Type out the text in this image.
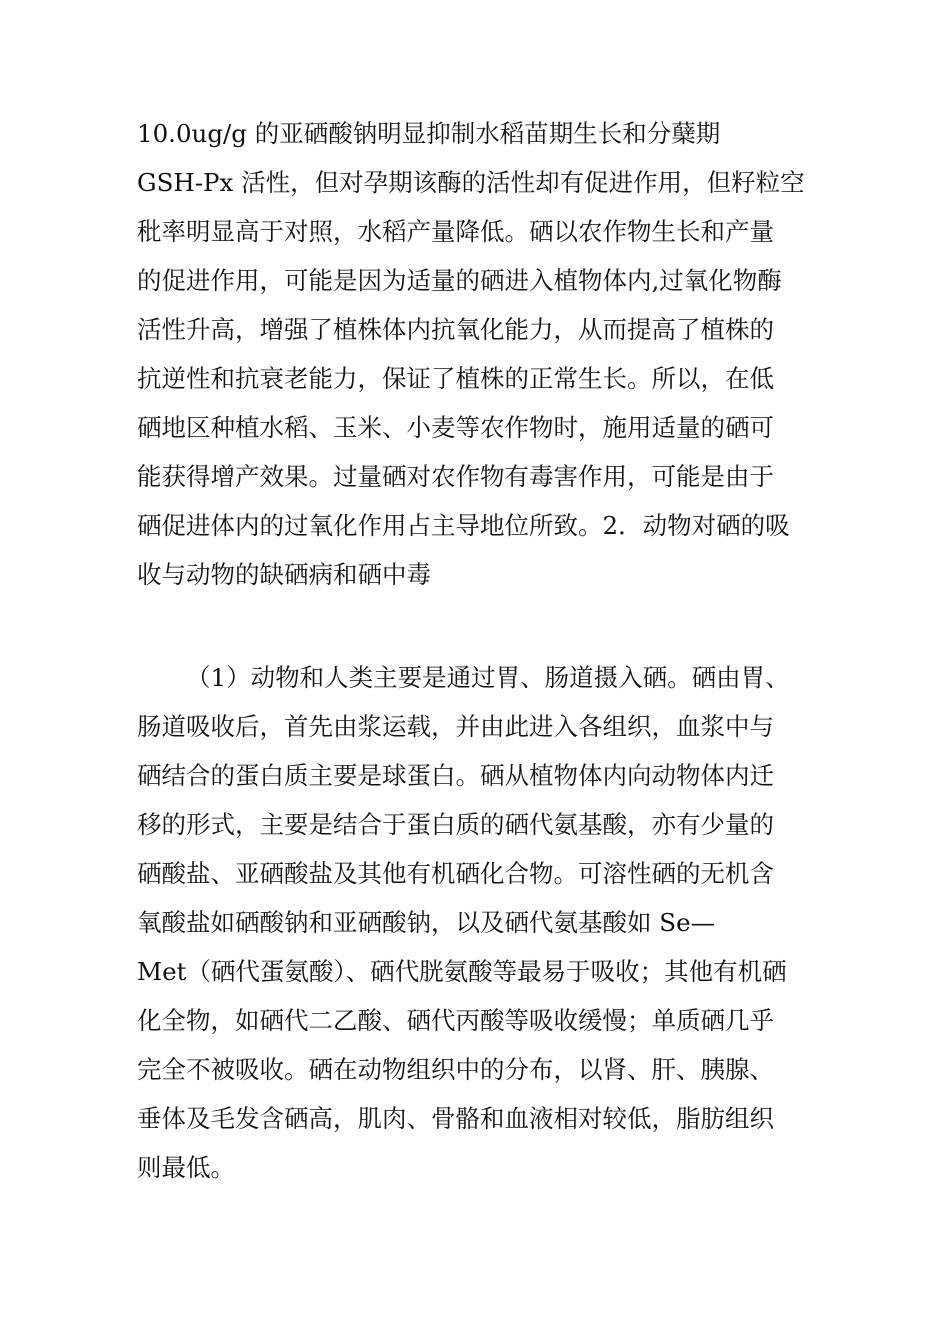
10.0ug/g 的亚硒酸钠明显抑制水稻苗期生长和分蘖期
GSH-Px 活性，但对孕期该酶的活性却有促进作用，但籽粒空
秕率明显高于对照，水稻产量降低。硒以农作物生长和产量
的促进作用，可能是因为适量的硒进入植物体内,过氧化物酶
活性升高，增强了植株体内抗氧化能力，从而提高了植株的
抗逆性和抗衰老能力，保证了植株的正常生长。所以，在低
硒地区种植水稻、玉米、小麦等农作物时，施用适量的硒可
能获得增产效果。过量硒对农作物有毒害作用，可能是由于
硒促进体内的过氧化作用占主导地位所致。2．动物对硒的吸
收与动物的缺硒病和硒中毒
（1）动物和人类主要是通过胃、肠道摄入硒。硒由胃、
肠道吸收后，首先由浆运载，并由此进入各组织，血浆中与
硒结合的蛋白质主要是球蛋白。硒从植物体内向动物体内迁
移的形式，主要是结合于蛋白质的硒代氨基酸，亦有少量的
硒酸盐、亚硒酸盐及其他有机硒化合物。可溶性硒的无机含
氧酸盐如硒酸钠和亚硒酸钠，以及硒代氨基酸如 Se—
Met（硒代蛋氨酸）、硒代胱氨酸等最易于吸收；其他有机硒
化全物，如硒代二乙酸、硒代丙酸等吸收缓慢；单质硒几乎
完全不被吸收。硒在动物组织中的分布，以肾、肝、胰腺、
垂体及毛发含硒高，肌肉、骨骼和血液相对较低，脂肪组织
则最低。
